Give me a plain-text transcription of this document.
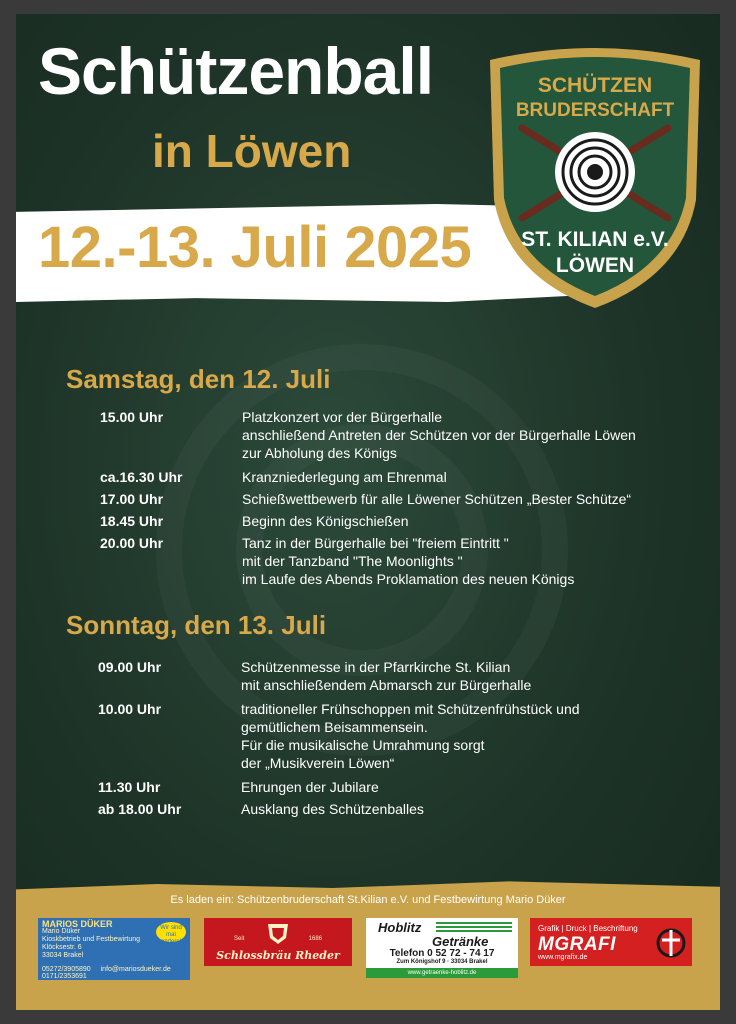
Schützenball
in Löwen
12.-13. Juli 2025
SCHÜTZEN
BRUDERSCHAFT
ST. KILIAN e.V.
LÖWEN
Samstag, den 12. Juli
15.00 Uhr	Platzkonzert vor der Bürgerhalle
anschließend Antreten der Schützen vor der Bürgerhalle Löwen
zur Abholung des Königs
ca.16.30 Uhr	Kranzniederlegung am Ehrenmal
17.00 Uhr	Schießwettbewerb für alle Löwener Schützen „Bester Schütze“
18.45 Uhr	Beginn des Königschießen
20.00 Uhr	Tanz in der Bürgerhalle bei "freiem Eintritt "
mit der Tanzband "The Moonlights "
im Laufe des Abends Proklamation des neuen Königs
Sonntag, den 13. Juli
09.00 Uhr	Schützenmesse in der Pfarrkirche St. Kilian
mit anschließendem Abmarsch zur Bürgerhalle
10.00 Uhr	traditioneller Frühschoppen mit Schützenfrühstück und
gemütlichem Beisammensein.
Für die musikalische Umrahmung sorgt
der „Musikverein Löwen“
11.30 Uhr	Ehrungen der Jubilare
ab 18.00 Uhr	Ausklang des Schützenballes
Es laden ein: Schützenbruderschaft St.Kilian e.V. und Festbewirtung Mario Düker
MARIOS DÜKER
Mario Düker
Kioskbetrieb und Festbewirtung
Klöcksestr. 6
33034 Brakel
Wir sind mal anders!
05272/3905890 info@mariosdueker.de
0171/2353691
Seit	1686
Schlossbräu Rheder
Hoblitz
Getränke
Telefon 0 52 72 - 74 17
Zum Königshof 9 · 33034 Brakel
www.getraenke-hoblitz.de
Grafik | Druck | Beschriftung
MGRAFI
www.mgrafix.de
